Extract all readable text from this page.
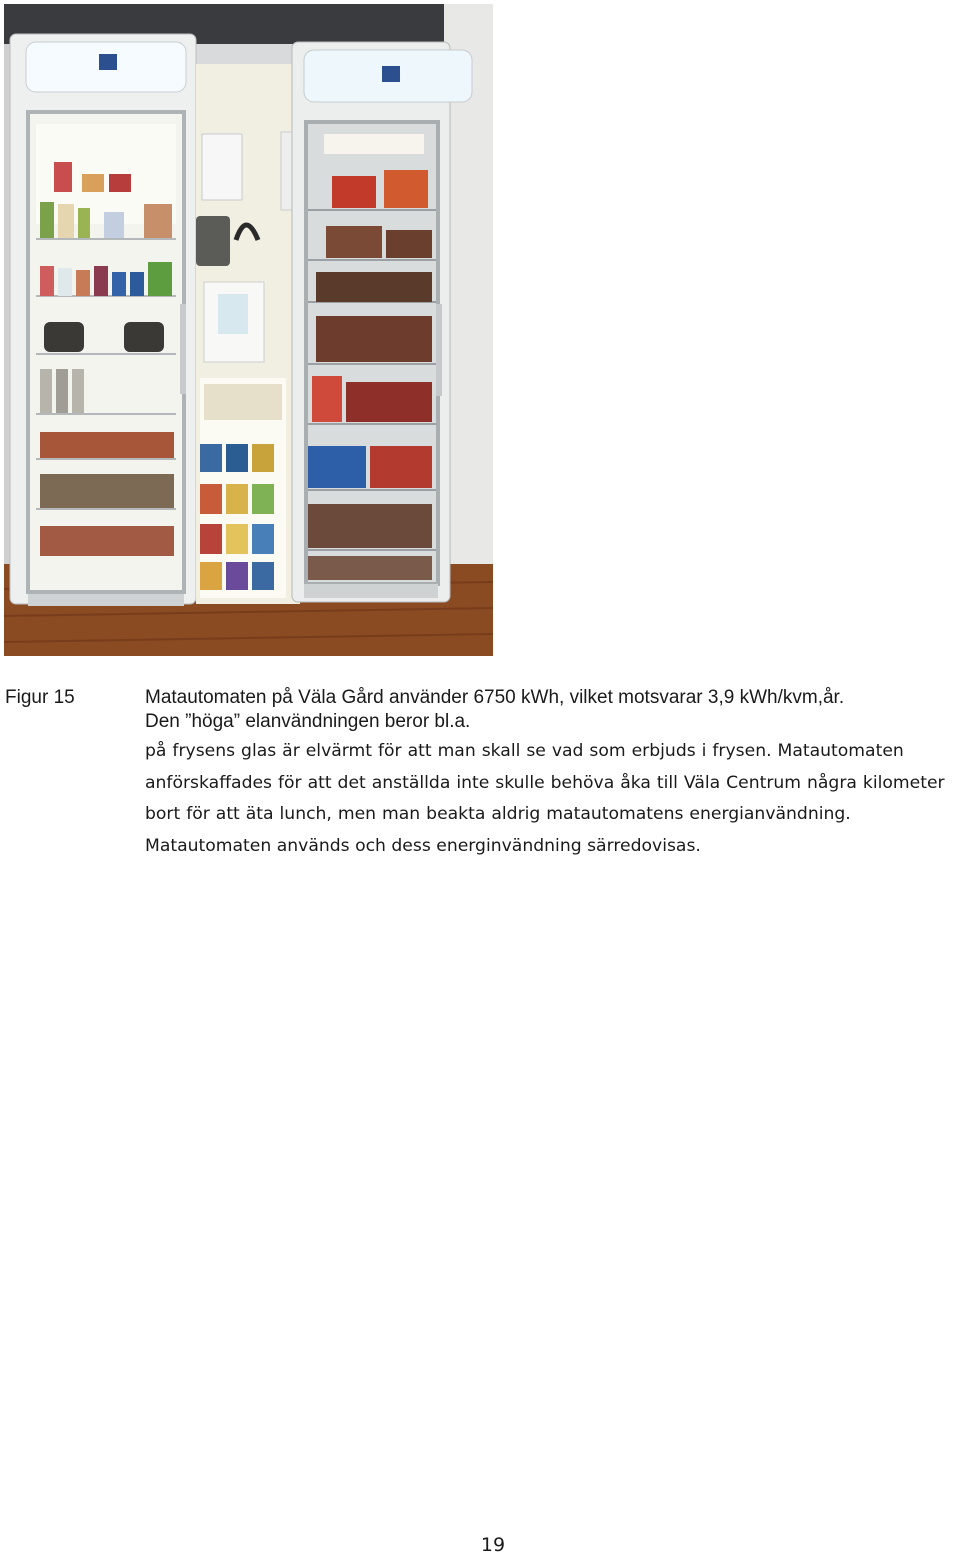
Figur 15	Matautomaten på Väla Gård använder 6750 kWh, vilket motsvarar 3,9 kWh/kvm,år.
Den ”höga” elanvändningen beror bl.a.
på frysens glas är elvärmt för att man skall se vad som erbjuds i frysen. Matautomaten anförskaffades för att det anställda inte skulle behöva åka till Väla Centrum några kilometer bort för att äta lunch, men man beakta aldrig matautomatens energianvändning.
Matautomaten används och dess energinvändning särredovisas.
19
